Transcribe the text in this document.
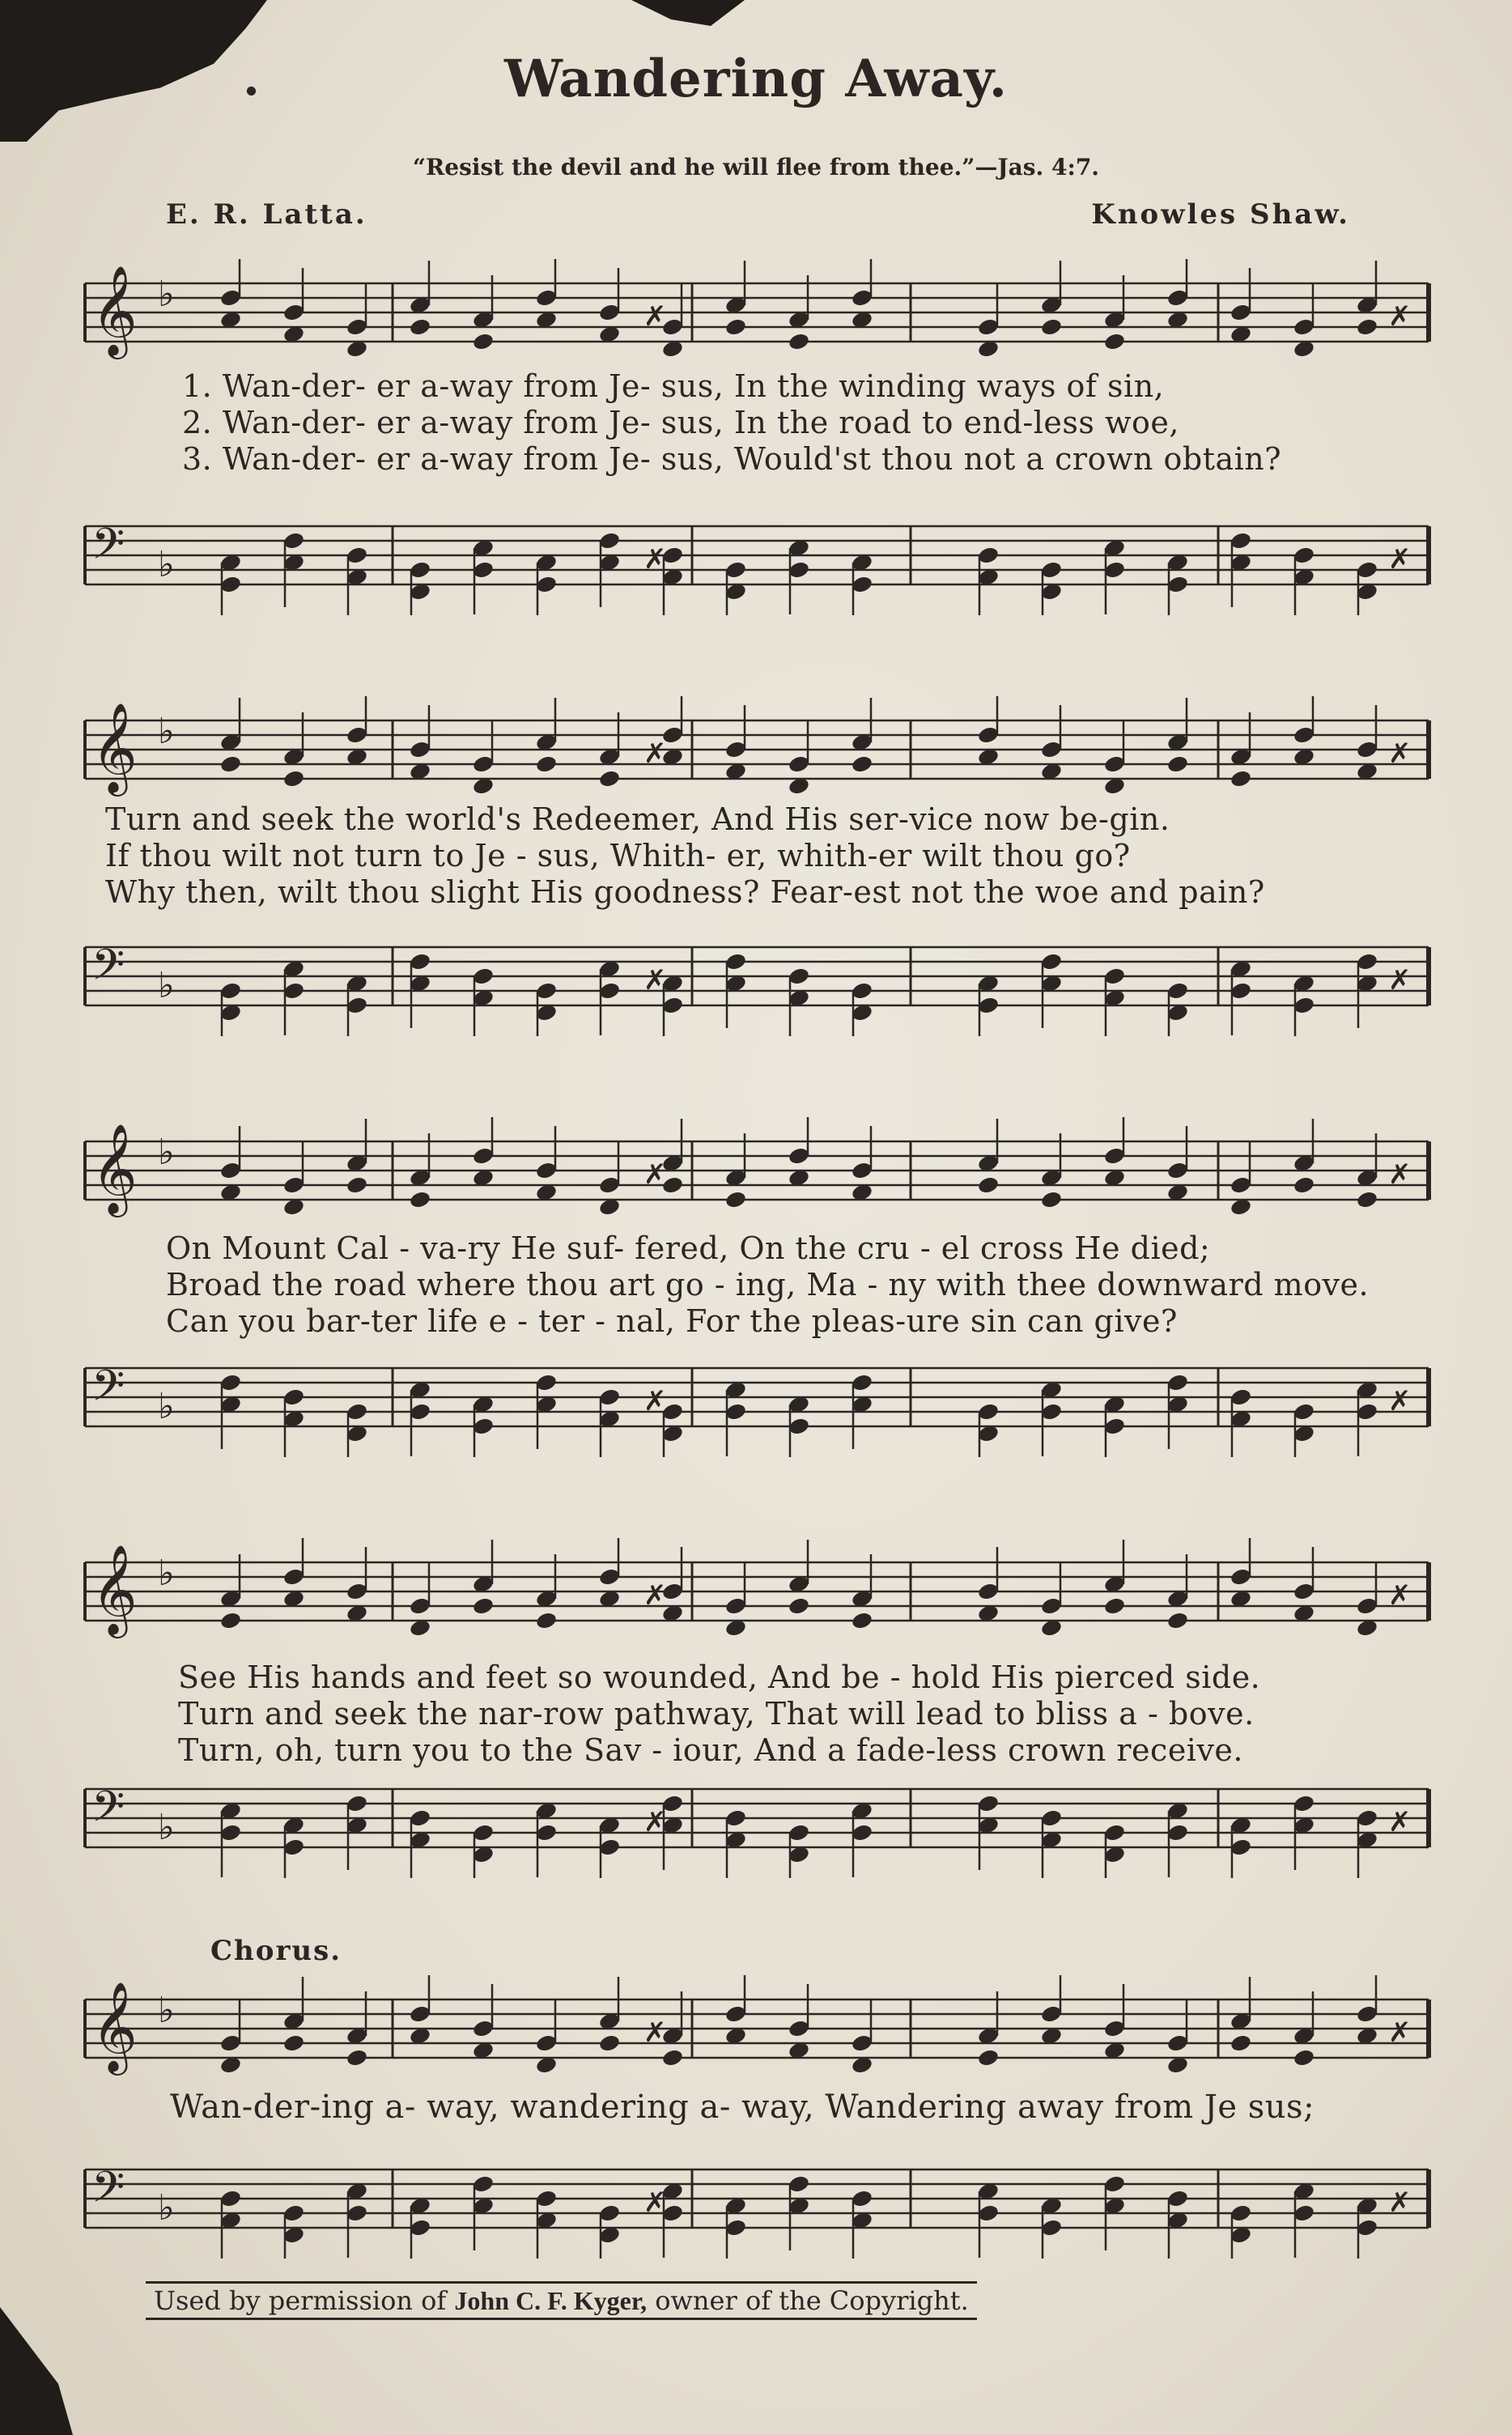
.	Wandering Away.
“Resist the devil and he will flee from thee.”—Jas. 4:7.
E. R. Latta.	Knowles Shaw.
𝄞 ♭
✗	✗
𝄢 ♭	✗	✗
1. Wan-der- er a-way from Je- sus, In the winding ways of sin,
2. Wan-der- er a-way from Je- sus, In the road to end-less woe,
3. Wan-der- er a-way from Je- sus, Would'st thou not a crown obtain?
𝄞 ♭
✗	✗
𝄢 ♭	✗	✗
Turn and seek the world's Redeemer, And His ser-vice now be-gin.
If thou wilt not turn to Je - sus, Whith- er, whith-er wilt thou go?
Why then, wilt thou slight His goodness? Fear-est not the woe and pain?
𝄞 ♭
✗	✗
𝄢 ♭	✗	✗
On Mount Cal - va-ry He suf- fered, On the cru - el cross He died;
Broad the road where thou art go - ing, Ma - ny with thee downward move.
Can you bar-ter life e - ter - nal, For the pleas-ure sin can give?
𝄞 ♭
✗	✗
𝄢 ♭	✗	✗
See His hands and feet so wounded, And be - hold His pierced side.
Turn and seek the nar-row pathway, That will lead to bliss a - bove.
Turn, oh, turn you to the Sav - iour, And a fade-less crown receive.
Chorus.
𝄞 ♭
✗	✗
𝄢 ♭	✗	✗
Wan-der-ing a- way, wandering a- way, Wandering away from Je sus;
Used by permission of John C. F. Kyger, owner of the Copyright.
